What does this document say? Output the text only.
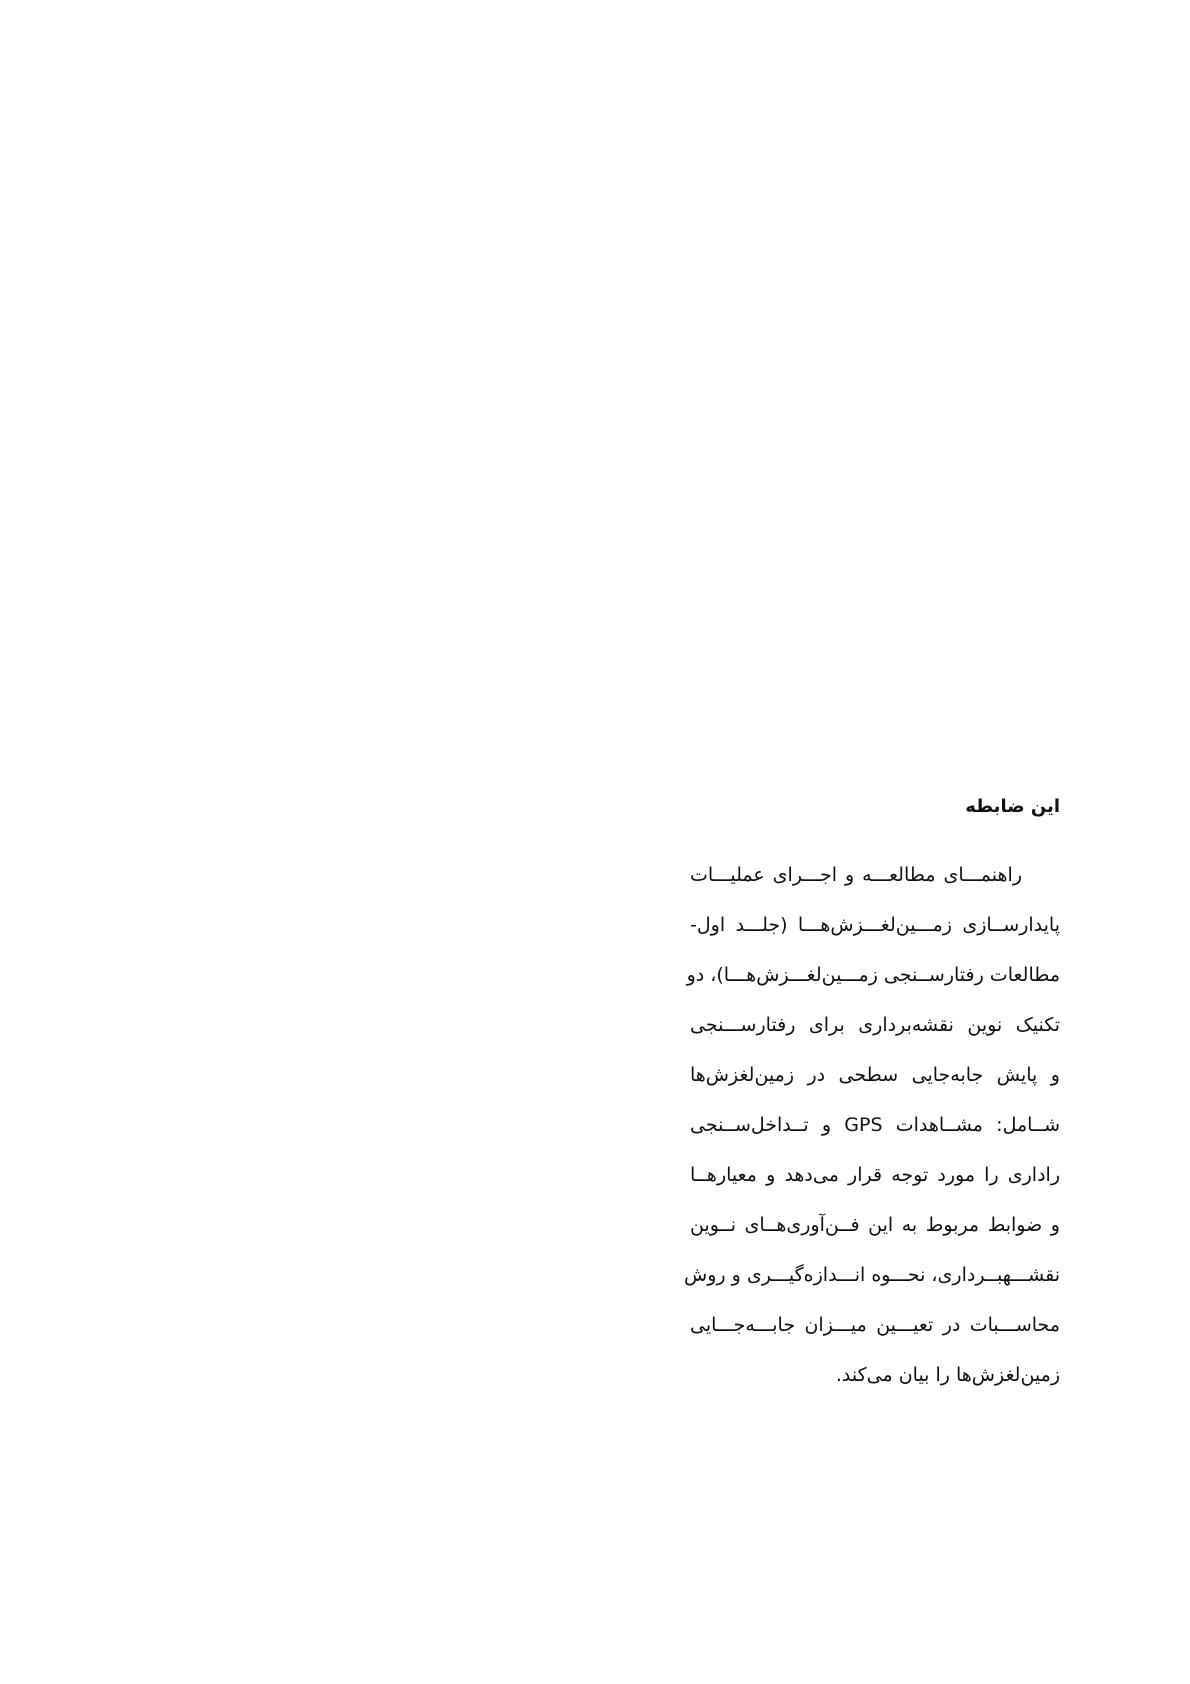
این ضابطه
راهنمـــای مطالعـــه و اجـــرای عملیـــات
پایدارســازی زمـــین‌لغـــزش‌هـــا (جلـــد اول-
مطالعات رفتارســنجی زمـــین‌لغـــزش‌هـــا)، دو
تکنیک نوین نقشه‌برداری برای رفتارســـنجی
و پایش جابه‌جایی سطحی در زمین‌لغزش‌ها
شــامل: مشــاهدات GPS و تــداخل‌ســنجی
راداری را مورد توجه قرار می‌دهد و معیارهــا
و ضوابط مربوط به این فــن‌آوری‌هــای نــوین
نقشـــهبــرداری، نحـــوه انـــدازه‌گیـــری و روش
محاســـبات در تعیـــین میـــزان جابـــه‌جـــایی
زمین‌لغزش‌ها را بیان می‌کند.
